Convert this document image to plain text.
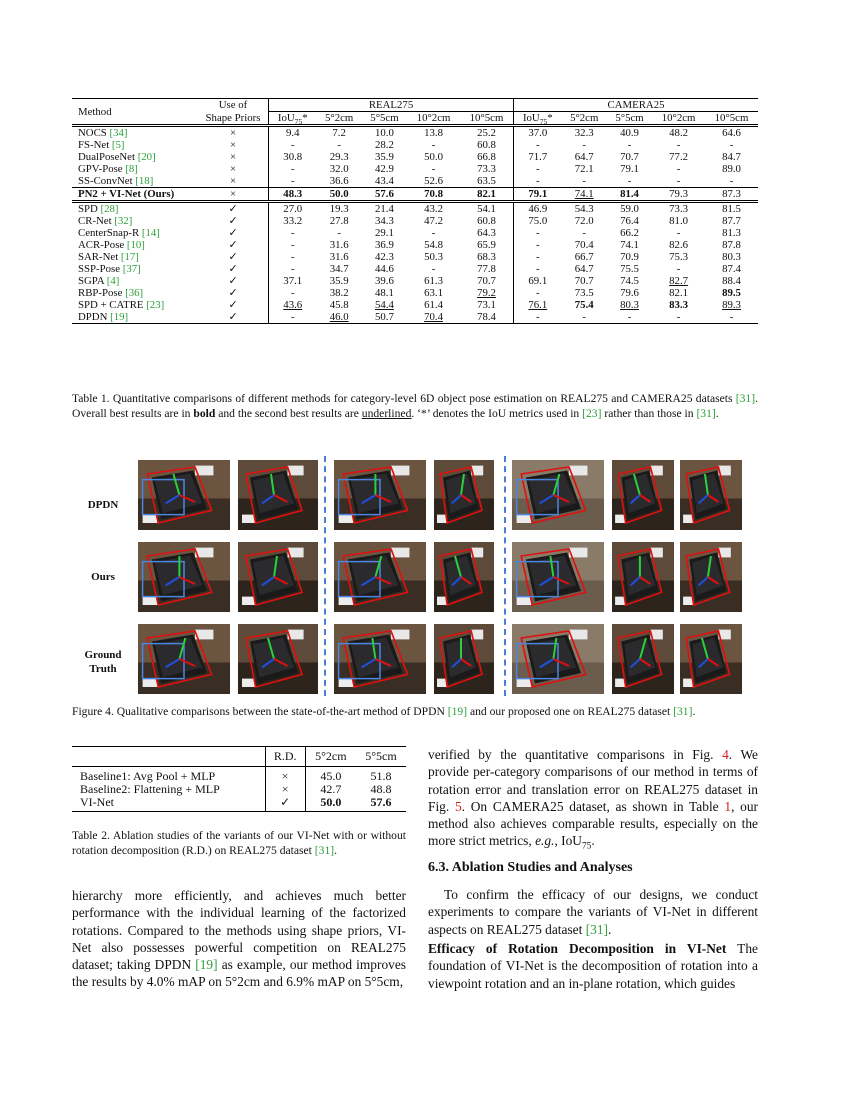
Method	Use of	REAL275					CAMERA25				
	Shape Priors	IoU$_{75}$*	5°2cm	5°5cm	10°2cm	10°5cm	IoU$_{75}$*	5°2cm	5°5cm	10°2cm	10°5cm
NOCS [34]	×	9.4	7.2	10.0	13.8	25.2	37.0	32.3	40.9	48.2	64.6
FS-Net [5]	×	-	-	28.2	-	60.8	-	-	-	-	-
DualPoseNet [20]	×	30.8	29.3	35.9	50.0	66.8	71.7	64.7	70.7	77.2	84.7
GPV-Pose [8]	×	-	32.0	42.9	-	73.3	-	72.1	79.1	-	89.0
SS-ConvNet [18]	×	-	36.6	43.4	52.6	63.5	-	-	-	-	-
PN2 + VI-Net (Ours)	×	48.3	50.0	57.6	70.8	82.1	79.1	74.1	81.4	79.3	87.3
SPD [28]	✓	27.0	19.3	21.4	43.2	54.1	46.9	54.3	59.0	73.3	81.5
CR-Net [32]	✓	33.2	27.8	34.3	47.2	60.8	75.0	72.0	76.4	81.0	87.7
CenterSnap-R [14]	✓	-	-	29.1	-	64.3	-	-	66.2	-	81.3
ACR-Pose [10]	✓	-	31.6	36.9	54.8	65.9	-	70.4	74.1	82.6	87.8
SAR-Net [17]	✓	-	31.6	42.3	50.3	68.3	-	66.7	70.9	75.3	80.3
SSP-Pose [37]	✓	-	34.7	44.6	-	77.8	-	64.7	75.5	-	87.4
SGPA [4]	✓	37.1	35.9	39.6	61.3	70.7	69.1	70.7	74.5	82.7	88.4
RBP-Pose [36]	✓	-	38.2	48.1	63.1	79.2	-	73.5	79.6	82.1	89.5
SPD + CATRE [23]	✓	43.6	45.8	54.4	61.4	73.1	76.1	75.4	80.3	83.3	89.3
DPDN [19]	✓	-	46.0	50.7	70.4	78.4	-	-	-	-	-
Table 1. Quantitative comparisons of different methods for category-level 6D object pose estimation on REAL275 and CAMERA25 datasets [31]. Overall best results are in bold and the second best results are underlined. ‘*’ denotes the IoU metrics used in [23] rather than those in [31].
DPDN
Ours
Ground
Truth
Figure 4. Qualitative comparisons between the state-of-the-art method of DPDN [19] and our proposed one on REAL275 dataset [31].
	R.D.	5°2cm	5°5cm
Baseline1: Avg Pool + MLP	×	45.0	51.8
Baseline2: Flattening + MLP	×	42.7	48.8
VI-Net	✓	50.0	57.6
Table 2. Ablation studies of the variants of our VI-Net with or without rotation decomposition (R.D.) on REAL275 dataset [31].
hierarchy more efficiently, and achieves much better performance with the individual learning of the factorized rotations. Compared to the methods using shape priors, VI-Net also possesses powerful competition on REAL275 dataset; taking DPDN [19] as example, our method improves the results by 4.0% mAP on 5°2cm and 6.9% mAP on 5°5cm,
verified by the quantitative comparisons in Fig. 4. We provide per-category comparisons of our method in terms of rotation error and translation error on REAL275 dataset in Fig. 5. On CAMERA25 dataset, as shown in Table 1, our method also achieves comparable results, especially on the more strict metrics, e.g., IoU$_{75}$.
6.3. Ablation Studies and Analyses
To confirm the efficacy of our designs, we conduct experiments to compare the variants of VI-Net in different aspects on REAL275 dataset [31].
Efficacy of Rotation Decomposition in VI-Net The foundation of VI-Net is the decomposition of rotation into a viewpoint rotation and an in-plane rotation, which guides
